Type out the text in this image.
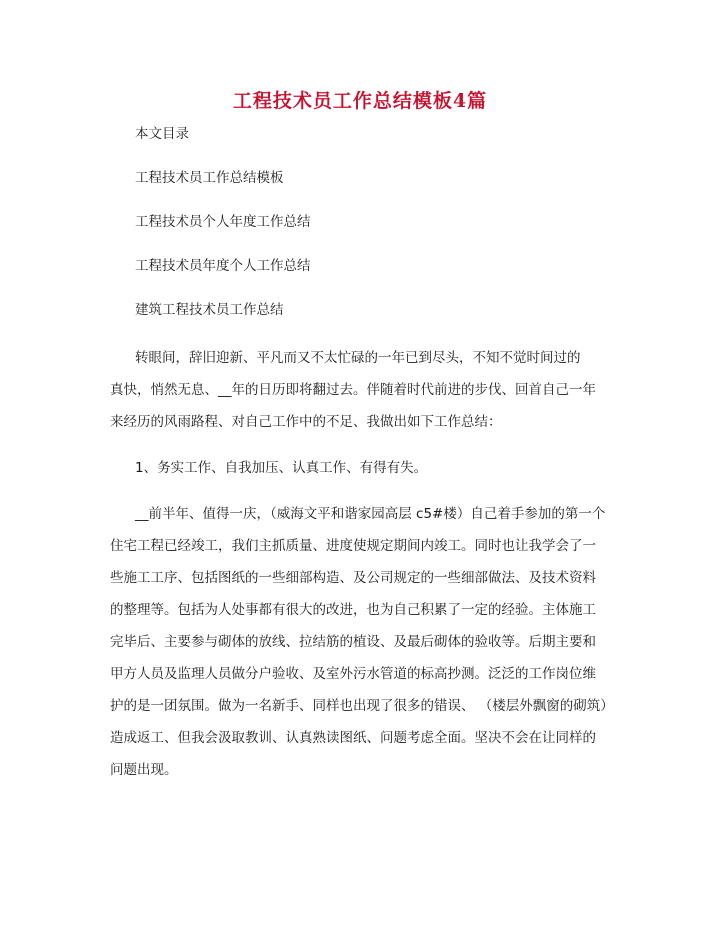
工程技术员工作总结模板4篇
本文目录
工程技术员工作总结模板
工程技术员个人年度工作总结
工程技术员年度个人工作总结
建筑工程技术员工作总结
转眼间，辞旧迎新、平凡而又不太忙碌的一年已到尽头，不知不觉时间过的
真快，悄然无息、__年的日历即将翻过去。伴随着时代前进的步伐、回首自己一年
来经历的风雨路程、对自己工作中的不足、我做出如下工作总结：
1、务实工作、自我加压、认真工作、有得有失。
__前半年、值得一庆，（威海文平和谐家园高层 c5#楼）自己着手参加的第一个
住宅工程已经竣工，我们主抓质量、进度使规定期间内竣工。同时也让我学会了一
些施工工序、包括图纸的一些细部构造、及公司规定的一些细部做法、及技术资料
的整理等。包括为人处事都有很大的改进，也为自己积累了一定的经验。主体施工
完毕后、主要参与砌体的放线、拉结筋的植设、及最后砌体的验收等。后期主要和
甲方人员及监理人员做分户验收、及室外污水管道的标高抄测。泛泛的工作岗位维
护的是一团氛围。做为一名新手、同样也出现了很多的错误、 （楼层外飘窗的砌筑）
造成返工、但我会汲取教训、认真熟读图纸、问题考虑全面。坚决不会在让同样的
问题出现。
